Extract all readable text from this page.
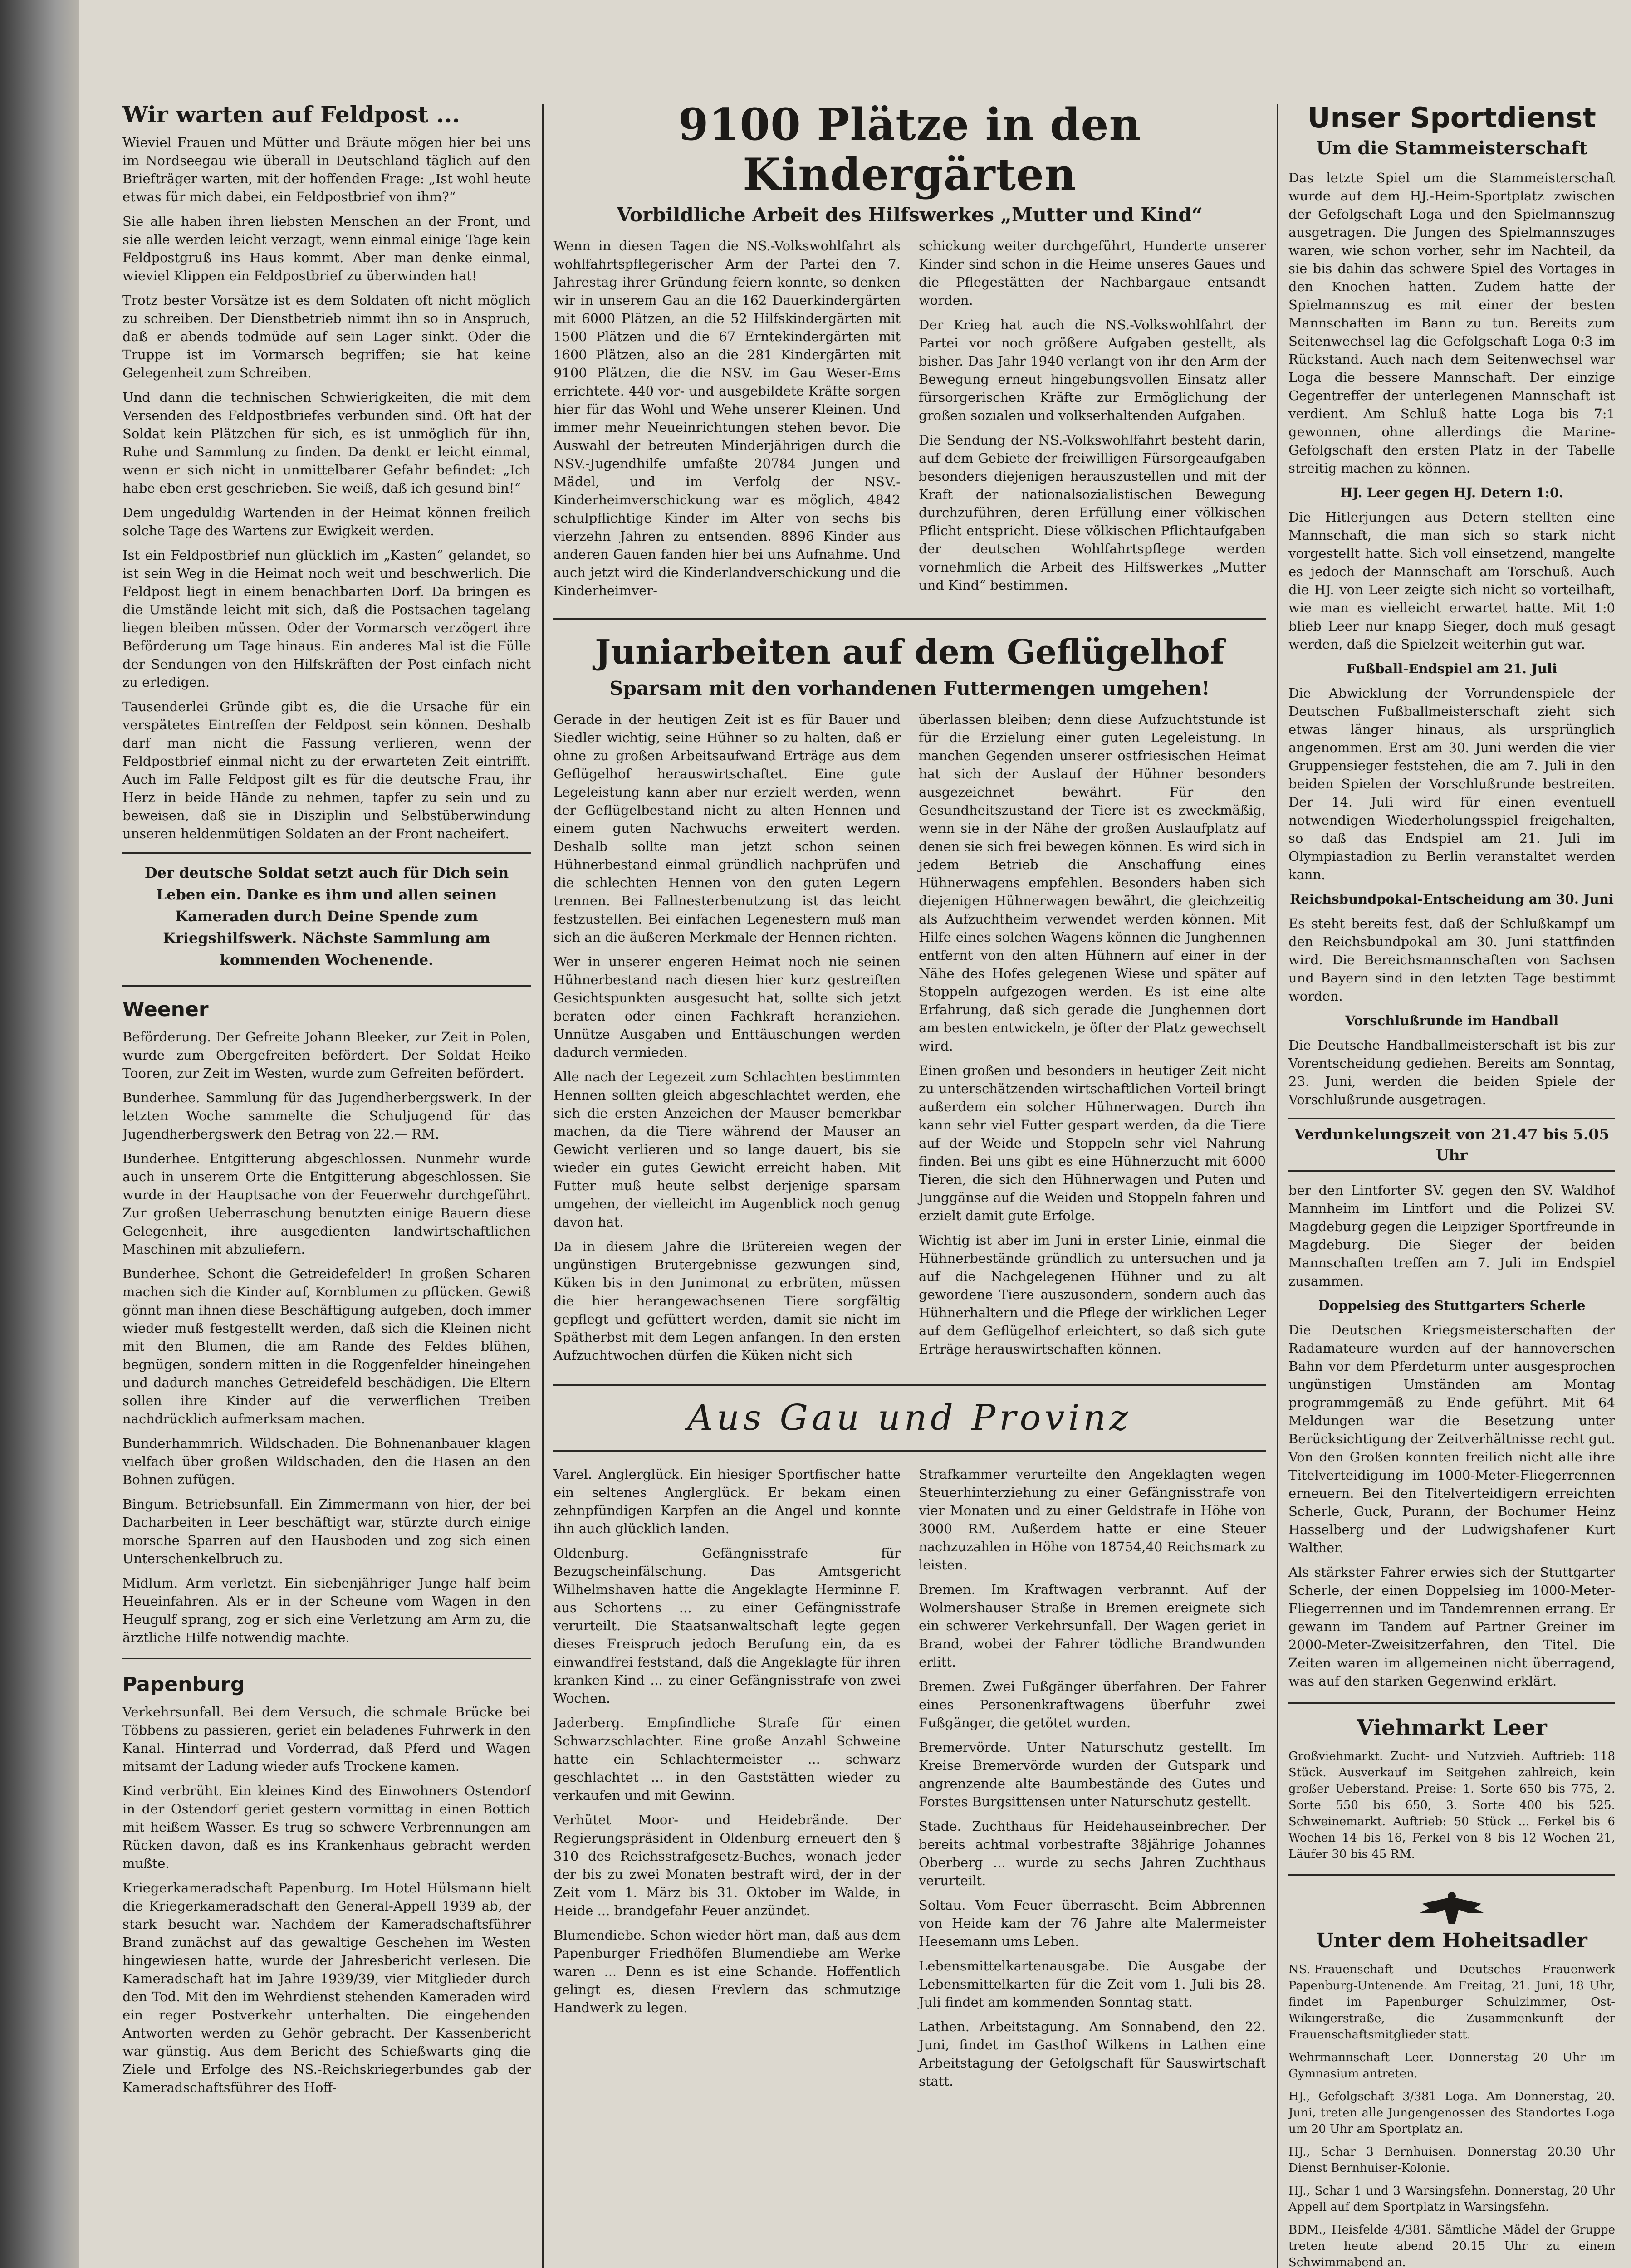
Wir warten auf Feldpost ...

Wieviel Frauen und Mütter und Bräute mögen hier bei uns im Nordseegau wie überall in Deutschland täglich auf den Briefträger warten, mit der hoffenden Frage: „Ist wohl heute etwas für mich dabei, ein Feldpostbrief von ihm?“

Sie alle haben ihren liebsten Menschen an der Front, und sie alle werden leicht verzagt, wenn einmal einige Tage kein Feldpostgruß ins Haus kommt. Aber man denke einmal, wieviel Klippen ein Feldpostbrief zu überwinden hat!

Trotz bester Vorsätze ist es dem Soldaten oft nicht möglich zu schreiben. Der Dienstbetrieb nimmt ihn so in Anspruch, daß er abends todmüde auf sein Lager sinkt. Oder die Truppe ist im Vormarsch begriffen; sie hat keine Gelegenheit zum Schreiben.

Und dann die technischen Schwierigkeiten, die mit dem Versenden des Feldpostbriefes verbunden sind. Oft hat der Soldat kein Plätzchen für sich, es ist unmöglich für ihn, Ruhe und Sammlung zu finden. Da denkt er leicht einmal, wenn er sich nicht in unmittelbarer Gefahr befindet: „Ich habe eben erst geschrieben. Sie weiß, daß ich gesund bin!“

Dem ungeduldig Wartenden in der Heimat können freilich solche Tage des Wartens zur Ewigkeit werden.

Ist ein Feldpostbrief nun glücklich im „Kasten“ gelandet, so ist sein Weg in die Heimat noch weit und beschwerlich. Die Feldpost liegt in einem benachbarten Dorf. Da bringen es die Umstände leicht mit sich, daß die Postsachen tagelang liegen bleiben müssen. Oder der Vormarsch verzögert ihre Beförderung um Tage hinaus. Ein anderes Mal ist die Fülle der Sendungen von den Hilfskräften der Post einfach nicht zu erledigen.

Tausenderlei Gründe gibt es, die die Ursache für ein verspätetes Eintreffen der Feldpost sein können. Deshalb darf man nicht die Fassung verlieren, wenn der Feldpostbrief einmal nicht zu der erwarteten Zeit eintrifft. Auch im Falle Feldpost gilt es für die deutsche Frau, ihr Herz in beide Hände zu nehmen, tapfer zu sein und zu beweisen, daß sie in Disziplin und Selbstüberwindung unseren heldenmütigen Soldaten an der Front nacheifert.

Der deutsche Soldat setzt auch für Dich sein Leben ein. Danke es ihm und allen seinen Kameraden durch Deine Spende zum Kriegshilfswerk. Nächste Sammlung am kommenden Wochenende.

Weener

Beförderung. Der Gefreite Johann Bleeker, zur Zeit in Polen, wurde zum Obergefreiten befördert. Der Soldat Heiko Tooren, zur Zeit im Westen, wurde zum Gefreiten befördert.

Bunderhee. Sammlung für das Jugendherbergswerk. In der letzten Woche sammelte die Schuljugend für das Jugendherbergswerk den Betrag von 22.— RM.

Bunderhee. Entgitterung abgeschlossen. Nunmehr wurde auch in unserem Orte die Entgitterung abgeschlossen. Sie wurde in der Hauptsache von der Feuerwehr durchgeführt. Zur großen Ueberraschung benutzten einige Bauern diese Gelegenheit, ihre ausgedienten landwirtschaftlichen Maschinen mit abzuliefern.

Bunderhee. Schont die Getreidefelder! In großen Scharen machen sich die Kinder auf, Kornblumen zu pflücken. Gewiß gönnt man ihnen diese Beschäftigung aufgeben, doch immer wieder muß festgestellt werden, daß sich die Kleinen nicht mit den Blumen, die am Rande des Feldes blühen, begnügen, sondern mitten in die Roggenfelder hineingehen und dadurch manches Getreidefeld beschädigen. Die Eltern sollen ihre Kinder auf die verwerflichen Treiben nachdrücklich aufmerksam machen.

Bunderhammrich. Wildschaden. Die Bohnenanbauer klagen vielfach über großen Wildschaden, den die Hasen an den Bohnen zufügen.

Bingum. Betriebsunfall. Ein Zimmermann von hier, der bei Dacharbeiten in Leer beschäftigt war, stürzte durch einige morsche Sparren auf den Hausboden und zog sich einen Unterschenkelbruch zu.

Midlum. Arm verletzt. Ein siebenjähriger Junge half beim Heueinfahren. Als er in der Scheune vom Wagen in den Heugulf sprang, zog er sich eine Verletzung am Arm zu, die ärztliche Hilfe notwendig machte.

Papenburg

Verkehrsunfall. Bei dem Versuch, die schmale Brücke bei Többens zu passieren, geriet ein beladenes Fuhrwerk in den Kanal. Hinterrad und Vorderrad, daß Pferd und Wagen mitsamt der Ladung wieder aufs Trockene kamen.

Kind verbrüht. Ein kleines Kind des Einwohners Ostendorf in der Ostendorf geriet gestern vormittag in einen Bottich mit heißem Wasser. Es trug so schwere Verbrennungen am Rücken davon, daß es ins Krankenhaus gebracht werden mußte.

Kriegerkameradschaft Papenburg. Im Hotel Hülsmann hielt die Kriegerkameradschaft den General-Appell 1939 ab, der stark besucht war. Nachdem der Kameradschaftsführer Brand zunächst auf das gewaltige Geschehen im Westen hingewiesen hatte, wurde der Jahresbericht verlesen. Die Kameradschaft hat im Jahre 1939/39, vier Mitglieder durch den Tod. Mit den im Wehrdienst stehenden Kameraden wird ein reger Postverkehr unterhalten. Die eingehenden Antworten werden zu Gehör gebracht. Der Kassenbericht war günstig. Aus dem Bericht des Schießwarts ging die Ziele und Erfolge des NS.-Reichskriegerbundes gab der Kameradschaftsführer des Hoff-

9100 Plätze in den Kindergärten
Vorbildliche Arbeit des Hilfswerkes „Mutter und Kind“

Wenn in diesen Tagen die NS.-Volkswohlfahrt als wohlfahrtspflegerischer Arm der Partei den 7. Jahrestag ihrer Gründung feiern konnte, so denken wir in unserem Gau an die 162 Dauerkindergärten mit 6000 Plätzen, an die 52 Hilfskindergärten mit 1500 Plätzen und die 67 Erntekindergärten mit 1600 Plätzen, also an die 281 Kindergärten mit 9100 Plätzen, die die NSV. im Gau Weser-Ems errichtete. 440 vor- und ausgebildete Kräfte sorgen hier für das Wohl und Wehe unserer Kleinen. Und immer mehr Neueinrichtungen stehen bevor. Die Auswahl der betreuten Minderjährigen durch die NSV.-Jugendhilfe umfaßte 20784 Jungen und Mädel, und im Verfolg der NSV.-Kinderheimverschickung war es möglich, 4842 schulpflichtige Kinder im Alter von sechs bis vierzehn Jahren zu entsenden. 8896 Kinder aus anderen Gauen fanden hier bei uns Aufnahme. Und auch jetzt wird die Kinderlandverschickung und die Kinderheimver-

schickung weiter durchgeführt, Hunderte unserer Kinder sind schon in die Heime unseres Gaues und die Pflegestätten der Nachbargaue entsandt worden.

Der Krieg hat auch die NS.-Volkswohlfahrt der Partei vor noch größere Aufgaben gestellt, als bisher. Das Jahr 1940 verlangt von ihr den Arm der Bewegung erneut hingebungsvollen Einsatz aller fürsorgerischen Kräfte zur Ermöglichung der großen sozialen und volkserhaltenden Aufgaben.

Die Sendung der NS.-Volkswohlfahrt besteht darin, auf dem Gebiete der freiwilligen Fürsorgeaufgaben besonders diejenigen herauszustellen und mit der Kraft der nationalsozialistischen Bewegung durchzuführen, deren Erfüllung einer völkischen Pflicht entspricht. Diese völkischen Pflichtaufgaben der deutschen Wohlfahrtspflege werden vornehmlich die Arbeit des Hilfswerkes „Mutter und Kind“ bestimmen.

Juniarbeiten auf dem Geflügelhof
Sparsam mit den vorhandenen Futtermengen umgehen!

Gerade in der heutigen Zeit ist es für Bauer und Siedler wichtig, seine Hühner so zu halten, daß er ohne zu großen Arbeitsaufwand Erträge aus dem Geflügelhof herauswirtschaftet. Eine gute Legeleistung kann aber nur erzielt werden, wenn der Geflügelbestand nicht zu alten Hennen und einem guten Nachwuchs erweitert werden. Deshalb sollte man jetzt schon seinen Hühnerbestand einmal gründlich nachprüfen und die schlechten Hennen von den guten Legern trennen. Bei Fallnesterbenutzung ist das leicht festzustellen. Bei einfachen Legenestern muß man sich an die äußeren Merkmale der Hennen richten.

Wer in unserer engeren Heimat noch nie seinen Hühnerbestand nach diesen hier kurz gestreiften Gesichtspunkten ausgesucht hat, sollte sich jetzt beraten oder einen Fachkraft heranziehen. Unnütze Ausgaben und Enttäuschungen werden dadurch vermieden.

Alle nach der Legezeit zum Schlachten bestimmten Hennen sollten gleich abgeschlachtet werden, ehe sich die ersten Anzeichen der Mauser bemerkbar machen, da die Tiere während der Mauser an Gewicht verlieren und so lange dauert, bis sie wieder ein gutes Gewicht erreicht haben. Mit Futter muß heute selbst derjenige sparsam umgehen, der vielleicht im Augenblick noch genug davon hat.

Da in diesem Jahre die Brütereien wegen der ungünstigen Brutergebnisse gezwungen sind, Küken bis in den Junimonat zu erbrüten, müssen die hier herangewachsenen Tiere sorgfältig gepflegt und gefüttert werden, damit sie nicht im Spätherbst mit dem Legen anfangen. In den ersten Aufzuchtwochen dürfen die Küken nicht sich

überlassen bleiben; denn diese Aufzuchtstunde ist für die Erzielung einer guten Legeleistung. In manchen Gegenden unserer ostfriesischen Heimat hat sich der Auslauf der Hühner besonders ausgezeichnet bewährt. Für den Gesundheitszustand der Tiere ist es zweckmäßig, wenn sie in der Nähe der großen Auslaufplatz auf denen sie sich frei bewegen können. Es wird sich in jedem Betrieb die Anschaffung eines Hühnerwagens empfehlen. Besonders haben sich diejenigen Hühnerwagen bewährt, die gleichzeitig als Aufzuchtheim verwendet werden können. Mit Hilfe eines solchen Wagens können die Junghennen entfernt von den alten Hühnern auf einer in der Nähe des Hofes gelegenen Wiese und später auf Stoppeln aufgezogen werden. Es ist eine alte Erfahrung, daß sich gerade die Junghennen dort am besten entwickeln, je öfter der Platz gewechselt wird.

Einen großen und besonders in heutiger Zeit nicht zu unterschätzenden wirtschaftlichen Vorteil bringt außerdem ein solcher Hühnerwagen. Durch ihn kann sehr viel Futter gespart werden, da die Tiere auf der Weide und Stoppeln sehr viel Nahrung finden. Bei uns gibt es eine Hühnerzucht mit 6000 Tieren, die sich den Hühnerwagen und Puten und Junggänse auf die Weiden und Stoppeln fahren und erzielt damit gute Erfolge.

Wichtig ist aber im Juni in erster Linie, einmal die Hühnerbestände gründlich zu untersuchen und ja auf die Nachgelegenen Hühner und zu alt gewordene Tiere auszusondern, sondern auch das Hühnerhaltern und die Pflege der wirklichen Leger auf dem Geflügelhof erleichtert, so daß sich gute Erträge herauswirtschaften können.

Aus Gau und Provinz

Varel. Anglerglück. Ein hiesiger Sportfischer hatte ein seltenes Anglerglück. Er bekam einen zehnpfündigen Karpfen an die Angel und konnte ihn auch glücklich landen.

Oldenburg. Gefängnisstrafe für Bezugscheinfälschung. Das Amtsgericht Wilhelmshaven hatte die Angeklagte Herminne F. aus Schortens ... zu einer Gefängnisstrafe verurteilt. Die Staatsanwaltschaft legte gegen dieses Freispruch jedoch Berufung ein, da es einwandfrei feststand, daß die Angeklagte für ihren kranken Kind ... zu einer Gefängnisstrafe von zwei Wochen.

Jaderberg. Empfindliche Strafe für einen Schwarzschlachter. Eine große Anzahl Schweine hatte ein Schlachtermeister ... schwarz geschlachtet ... in den Gaststätten wieder zu verkaufen und mit Gewinn.

Verhütet Moor- und Heidebrände. Der Regierungspräsident in Oldenburg erneuert den § 310 des Reichsstrafgesetz-Buches, wonach jeder der bis zu zwei Monaten bestraft wird, der in der Zeit vom 1. März bis 31. Oktober im Walde, in Heide ... brandgefahr Feuer anzündet.

Blumendiebe. Schon wieder hört man, daß aus dem Papenburger Friedhöfen Blumendiebe am Werke waren ... Denn es ist eine Schande. Hoffentlich gelingt es, diesen Frevlern das schmutzige Handwerk zu legen.

Strafkammer verurteilte den Angeklagten wegen Steuerhinterziehung zu einer Gefängnisstrafe von vier Monaten und zu einer Geldstrafe in Höhe von 3000 RM. Außerdem hatte er eine Steuer nachzuzahlen in Höhe von 18754,40 Reichsmark zu leisten.

Bremen. Im Kraftwagen verbrannt. Auf der Wolmershauser Straße in Bremen ereignete sich ein schwerer Verkehrsunfall. Der Wagen geriet in Brand, wobei der Fahrer tödliche Brandwunden erlitt.

Bremen. Zwei Fußgänger überfahren. Der Fahrer eines Personenkraftwagens überfuhr zwei Fußgänger, die getötet wurden.

Bremervörde. Unter Naturschutz gestellt. Im Kreise Bremervörde wurden der Gutspark und angrenzende alte Baumbestände des Gutes und Forstes Burgsittensen unter Naturschutz gestellt.

Stade. Zuchthaus für Heidehauseinbrecher. Der bereits achtmal vorbestrafte 38jährige Johannes Oberberg ... wurde zu sechs Jahren Zuchthaus verurteilt.

Soltau. Vom Feuer überrascht. Beim Abbrennen von Heide kam der 76 Jahre alte Malermeister Heesemann ums Leben.

Lebensmittelkartenausgabe. Die Ausgabe der Lebensmittelkarten für die Zeit vom 1. Juli bis 28. Juli findet am kommenden Sonntag statt.

Lathen. Arbeitstagung. Am Sonnabend, den 22. Juni, findet im Gasthof Wilkens in Lathen eine Arbeitstagung der Gefolgschaft für Sauswirtschaft statt.

Unser Sportdienst
Um die Stammeisterschaft

Das letzte Spiel um die Stammeisterschaft wurde auf dem HJ.-Heim-Sportplatz zwischen der Gefolgschaft Loga und den Spielmannszug ausgetragen. Die Jungen des Spielmannszuges waren, wie schon vorher, sehr im Nachteil, da sie bis dahin das schwere Spiel des Vortages in den Knochen hatten. Zudem hatte der Spielmannszug es mit einer der besten Mannschaften im Bann zu tun. Bereits zum Seitenwechsel lag die Gefolgschaft Loga 0:3 im Rückstand. Auch nach dem Seitenwechsel war Loga die bessere Mannschaft. Der einzige Gegentreffer der unterlegenen Mannschaft ist verdient. Am Schluß hatte Loga bis 7:1 gewonnen, ohne allerdings die Marine-Gefolgschaft den ersten Platz in der Tabelle streitig machen zu können.

HJ. Leer gegen HJ. Detern 1:0.

Die Hitlerjungen aus Detern stellten eine Mannschaft, die man sich so stark nicht vorgestellt hatte. Sich voll einsetzend, mangelte es jedoch der Mannschaft am Torschuß. Auch die HJ. von Leer zeigte sich nicht so vorteilhaft, wie man es vielleicht erwartet hatte. Mit 1:0 blieb Leer nur knapp Sieger, doch muß gesagt werden, daß die Spielzeit weiterhin gut war.

Fußball-Endspiel am 21. Juli

Die Abwicklung der Vorrundenspiele der Deutschen Fußballmeisterschaft zieht sich etwas länger hinaus, als ursprünglich angenommen. Erst am 30. Juni werden die vier Gruppensieger feststehen, die am 7. Juli in den beiden Spielen der Vorschlußrunde bestreiten. Der 14. Juli wird für einen eventuell notwendigen Wiederholungsspiel freigehalten, so daß das Endspiel am 21. Juli im Olympiastadion zu Berlin veranstaltet werden kann.

Reichsbundpokal-Entscheidung am 30. Juni

Es steht bereits fest, daß der Schlußkampf um den Reichsbundpokal am 30. Juni stattfinden wird. Die Bereichsmannschaften von Sachsen und Bayern sind in den letzten Tage bestimmt worden.

Vorschlußrunde im Handball

Die Deutsche Handballmeisterschaft ist bis zur Vorentscheidung gediehen. Bereits am Sonntag, 23. Juni, werden die beiden Spiele der Vorschlußrunde ausgetragen.

Verdunkelungszeit von 21.47 bis 5.05 Uhr

ber den Lintforter SV. gegen den SV. Waldhof Mannheim im Lintfort und die Polizei SV. Magdeburg gegen die Leipziger Sportfreunde in Magdeburg. Die Sieger der beiden Mannschaften treffen am 7. Juli im Endspiel zusammen.

Doppelsieg des Stuttgarters Scherle

Die Deutschen Kriegsmeisterschaften der Radamateure wurden auf der hannoverschen Bahn vor dem Pferdeturm unter ausgesprochen ungünstigen Umständen am Montag programmgemäß zu Ende geführt. Mit 64 Meldungen war die Besetzung unter Berücksichtigung der Zeitverhältnisse recht gut. Von den Großen konnten freilich nicht alle ihre Titelverteidigung im 1000-Meter-Fliegerrennen erneuern. Bei den Titelverteidigern erreichten Scherle, Guck, Purann, der Bochumer Heinz Hasselberg und der Ludwigshafener Kurt Walther.

Als stärkster Fahrer erwies sich der Stuttgarter Scherle, der einen Doppelsieg im 1000-Meter-Fliegerrennen und im Tandemrennen errang. Er gewann im Tandem auf Partner Greiner im 2000-Meter-Zweisitzerfahren, den Titel. Die Zeiten waren im allgemeinen nicht überragend, was auf den starken Gegenwind erklärt.

Viehmarkt Leer

Großviehmarkt. Zucht- und Nutzvieh. Auftrieb: 118 Stück. Ausverkauf im Seitgehen zahlreich, kein großer Ueberstand. Preise: 1. Sorte 650 bis 775, 2. Sorte 550 bis 650, 3. Sorte 400 bis 525. Schweinemarkt. Auftrieb: 50 Stück ... Ferkel bis 6 Wochen 14 bis 16, Ferkel von 8 bis 12 Wochen 21, Läufer 30 bis 45 RM.

Unter dem Hoheitsadler

NS.-Frauenschaft und Deutsches Frauenwerk Papenburg-Untenende. Am Freitag, 21. Juni, 18 Uhr, findet im Papenburger Schulzimmer, Ost-Wikingerstraße, die Zusammenkunft der Frauenschaftsmitglieder statt.

Wehrmannschaft Leer. Donnerstag 20 Uhr im Gymnasium antreten.

HJ., Gefolgschaft 3/381 Loga. Am Donnerstag, 20. Juni, treten alle Jungengenossen des Standortes Loga um 20 Uhr am Sportplatz an.

HJ., Schar 3 Bernhuisen. Donnerstag 20.30 Uhr Dienst Bernhuiser-Kolonie.

HJ., Schar 1 und 3 Warsingsfehn. Donnerstag, 20 Uhr Appell auf dem Sportplatz in Warsingsfehn.

BDM., Heisfelde 4/381. Sämtliche Mädel der Gruppe treten heute abend 20.15 Uhr zu einem Schwimmabend an.
